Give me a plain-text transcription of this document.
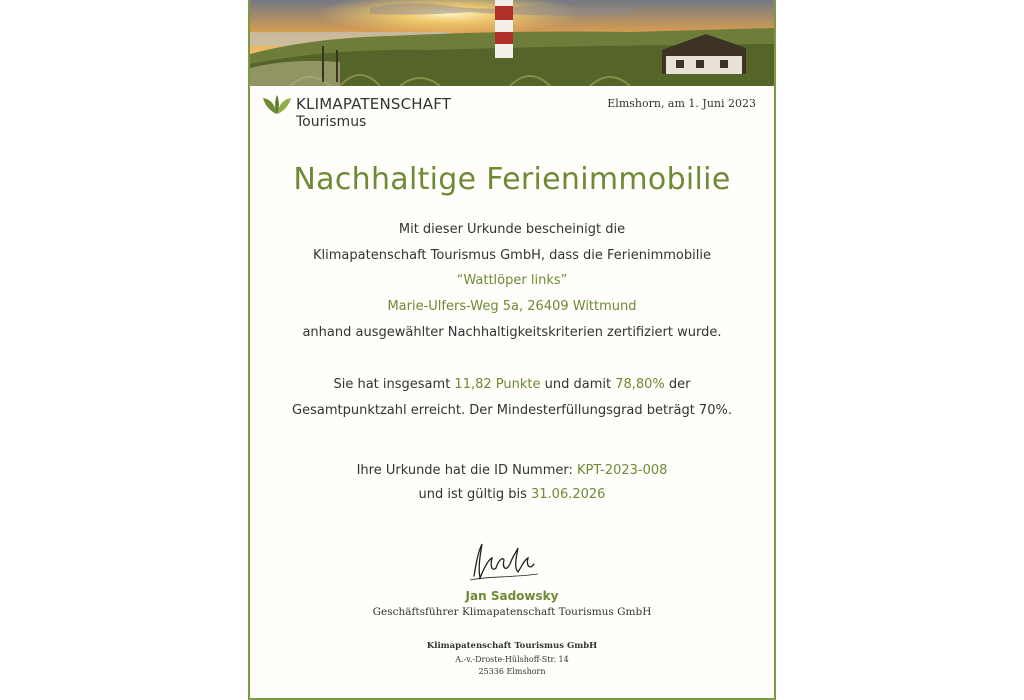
KLIMAPATENSCHAFT
Tourismus
Elmshorn, am 1. Juni 2023
Nachhaltige Ferienimmobilie
Mit dieser Urkunde bescheinigt die
Klimapatenschaft Tourismus GmbH, dass die Ferienimmobilie
“Wattlöper links”
Marie-Ulfers-Weg 5a, 26409 Wittmund
anhand ausgewählter Nachhaltigkeitskriterien zertifiziert wurde.
Sie hat insgesamt 11,82 Punkte und damit 78,80% der
Gesamtpunktzahl erreicht. Der Mindesterfüllungsgrad beträgt 70%.
Ihre Urkunde hat die ID Nummer: KPT-2023-008
und ist gültig bis 31.06.2026
Jan Sadowsky
Geschäftsführer Klimapatenschaft Tourismus GmbH
Klimapatenschaft Tourismus GmbH
A.-v.-Droste-Hülshoff-Str. 14
25336 Elmshorn
